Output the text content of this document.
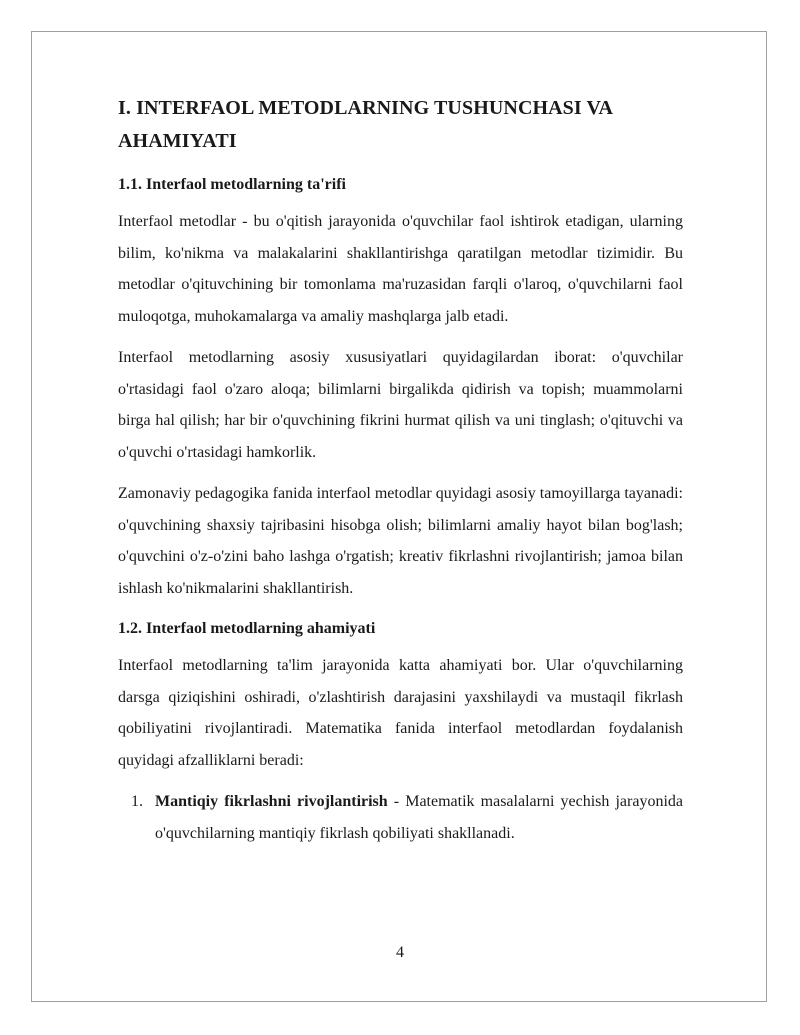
I. INTERFAOL METODLARNING TUSHUNCHASI VA AHAMIYATI
1.1. Interfaol metodlarning ta'rifi

Interfaol metodlar - bu o'qitish jarayonida o'quvchilar faol ishtirok etadigan, ularning bilim, ko'nikma va malakalarini shakllantirishga qaratilgan metodlar tizimidir. Bu metodlar o'qituvchining bir tomonlama ma'ruzasidan farqli o'laroq, o'quvchilarni faol muloqotga, muhokamalarga va amaliy mashqlarga jalb etadi.

Interfaol metodlarning asosiy xususiyatlari quyidagilardan iborat: o'quvchilar o'rtasidagi faol o'zaro aloqa; bilimlarni birgalikda qidirish va topish; muammolarni birga hal qilish; har bir o'quvchining fikrini hurmat qilish va uni tinglash; o'qituvchi va o'quvchi o'rtasidagi hamkorlik.

Zamonaviy pedagogika fanida interfaol metodlar quyidagi asosiy tamoyillarga tayanadi: o'quvchining shaxsiy tajribasini hisobga olish; bilimlarni amaliy hayot bilan bog'lash; o'quvchini o'z-o'zini baho lashga o'rgatish; kreativ fikrlashni rivojlantirish; jamoa bilan ishlash ko'nikmalarini shakllantirish.

1.2. Interfaol metodlarning ahamiyati

Interfaol metodlarning ta'lim jarayonida katta ahamiyati bor. Ular o'quvchilarning darsga qiziqishini oshiradi, o'zlashtirish darajasini yaxshilaydi va mustaqil fikrlash qobiliyatini rivojlantiradi. Matematika fanida interfaol metodlardan foydalanish quyidagi afzalliklarni beradi:

1. Mantiqiy fikrlashni rivojlantirish - Matematik masalalarni yechish jarayonida o'quvchilarning mantiqiy fikrlash qobiliyati shakllanadi.
4
